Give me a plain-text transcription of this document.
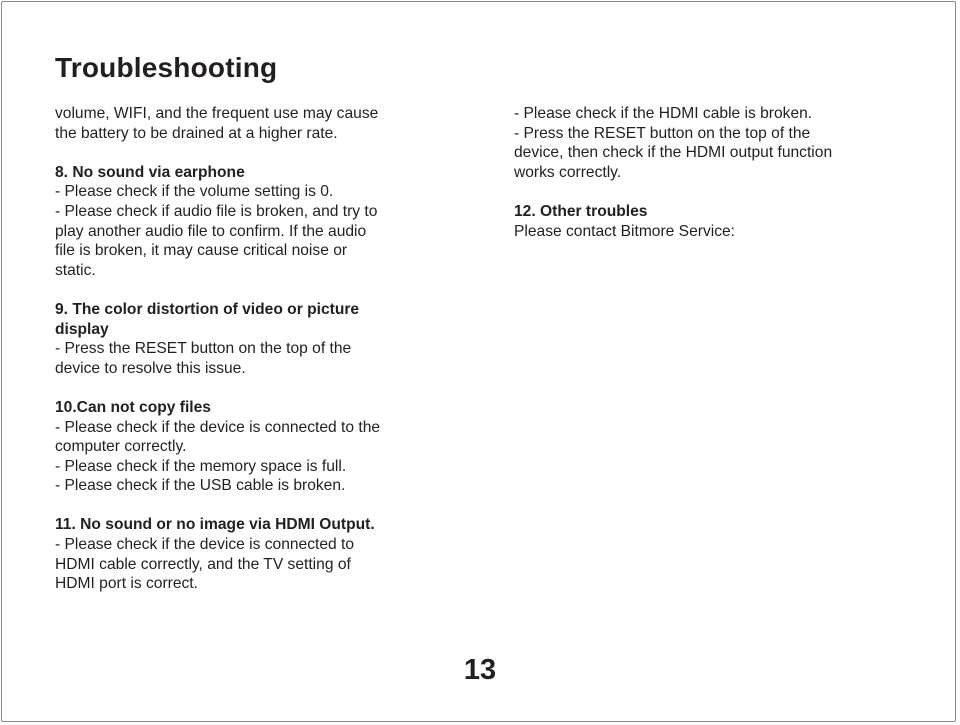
Troubleshooting

volume, WIFI, and the frequent use may cause
the battery to be drained at a higher rate.

8. No sound via earphone
- Please check if the volume setting is 0.
- Please check if audio file is broken, and try to
play another audio file to confirm. If the audio
file is broken, it may cause critical noise or
static.
9. The color distortion of video or picture
display
- Press the RESET button on the top of the
device to resolve this issue.
10.Can not copy files
- Please check if the device is connected to the
computer correctly.
- Please check if the memory space is full.
- Please check if the USB cable is broken.
11. No sound or no image via HDMI Output.
- Please check if the device is connected to
HDMI cable correctly, and the TV setting of
HDMI port is correct.
- Please check if the HDMI cable is broken.
- Press the RESET button on the top of the
device, then check if the HDMI output function
works correctly.
12. Other troubles
Please contact Bitmore Service:
13
